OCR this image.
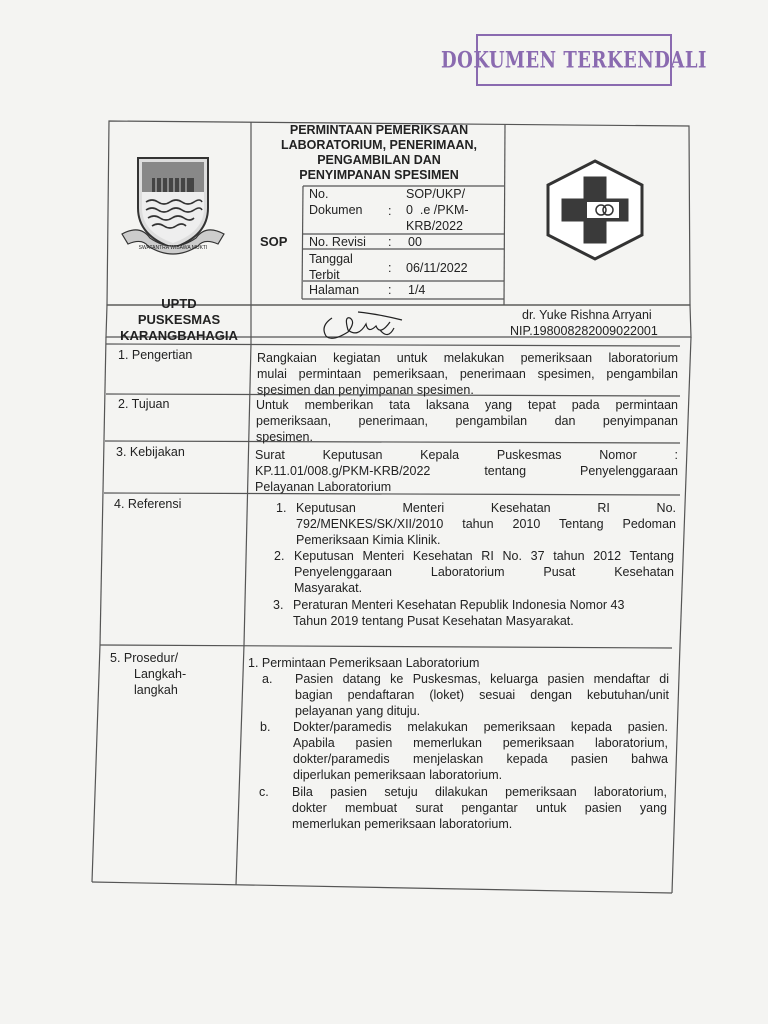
DOKUMEN TERKENDALI
SWATANTRA WIBAWA MUKTI
PERMINTAAN PEMERIKSAAN
LABORATORIUM, PENERIMAAN,
PENGAMBILAN DAN
PENYIMPANAN SPESIMEN
SOP
No.
Dokumen :
SOP/UKP/
0  .e /PKM-
KRB/2022
No. Revisi : 00
Tanggal
Terbit	: 06/11/2022
Halaman : 1/4
UPTD
PUSKESMAS
KARANGBAHAGIA
dr. Yuke Rishna Arryani
NIP.198008282009022001
1. Pengertian	Rangkaian kegiatan untuk melakukan pemeriksaan laboratorium
mulai permintaan pemeriksaan, penerimaan spesimen, pengambilan
spesimen dan penyimpanan spesimen.
2. Tujuan	Untuk memberikan tata laksana yang tepat pada permintaan
pemeriksaan, penerimaan, pengambilan dan penyimpanan
spesimen.
3. Kebijakan	Surat Keputusan Kepala Puskesmas Nomor :
KP.11.01/008.g/PKM-KRB/2022 tentang Penyelenggaraan
Pelayanan Laboratorium
4. Referensi	1. Keputusan Menteri Kesehatan RI No.
792/MENKES/SK/XII/2010 tahun 2010 Tentang Pedoman
Pemeriksaan Kimia Klinik.
2. Keputusan Menteri Kesehatan RI No. 37 tahun 2012 Tentang
Penyelenggaraan Laboratorium Pusat Kesehatan
Masyarakat.
3. Peraturan Menteri Kesehatan Republik Indonesia Nomor 43
Tahun 2019 tentang Pusat Kesehatan Masyarakat.
5. Prosedur/
Langkah-
langkah
1. Permintaan Pemeriksaan Laboratorium
a. Pasien datang ke Puskesmas, keluarga pasien mendaftar di
bagian pendaftaran (loket) sesuai dengan kebutuhan/unit
pelayanan yang dituju.
b. Dokter/paramedis melakukan pemeriksaan kepada pasien.
Apabila pasien memerlukan pemeriksaan laboratorium,
dokter/paramedis menjelaskan kepada pasien bahwa
diperlukan pemeriksaan laboratorium.
c. Bila pasien setuju dilakukan pemeriksaan laboratorium,
dokter membuat surat pengantar untuk pasien yang
memerlukan pemeriksaan laboratorium.
